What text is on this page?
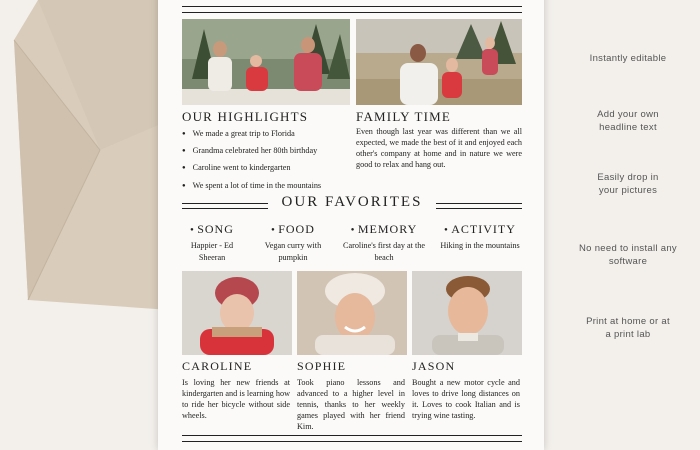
OUR HIGHLIGHTS
● We made a great trip to Florida
● Grandma celebrated her 80th birthday
● Caroline went to kindergarten
● We spent a lot of time in the mountains
FAMILY TIME
Even though last year was different than we all expected, we made the best of it and enjoyed each other's company at home and in nature we were good to relax and hang out.
OUR FAVORITES
● SONG
Happier - Ed Sheeran
● FOOD
Vegan curry with pumpkin
● MEMORY
Caroline's first day at the beach
● ACTIVITY
Hiking in the mountains
CAROLINE	SOPHIE	JASON
Is loving her new friends at kindergarten and is learning how to ride her bicycle without side wheels.
Took piano lessons and advanced to a higher level in tennis, thanks to her weekly games played with her friend Kim.
Bought a new motor cycle and loves to drive long distances on it. Loves to cook Italian and is trying wine tasting.
Instantly editable
Add your own headline text
Easily drop in your pictures
No need to install any software
Print at home or at a print lab
